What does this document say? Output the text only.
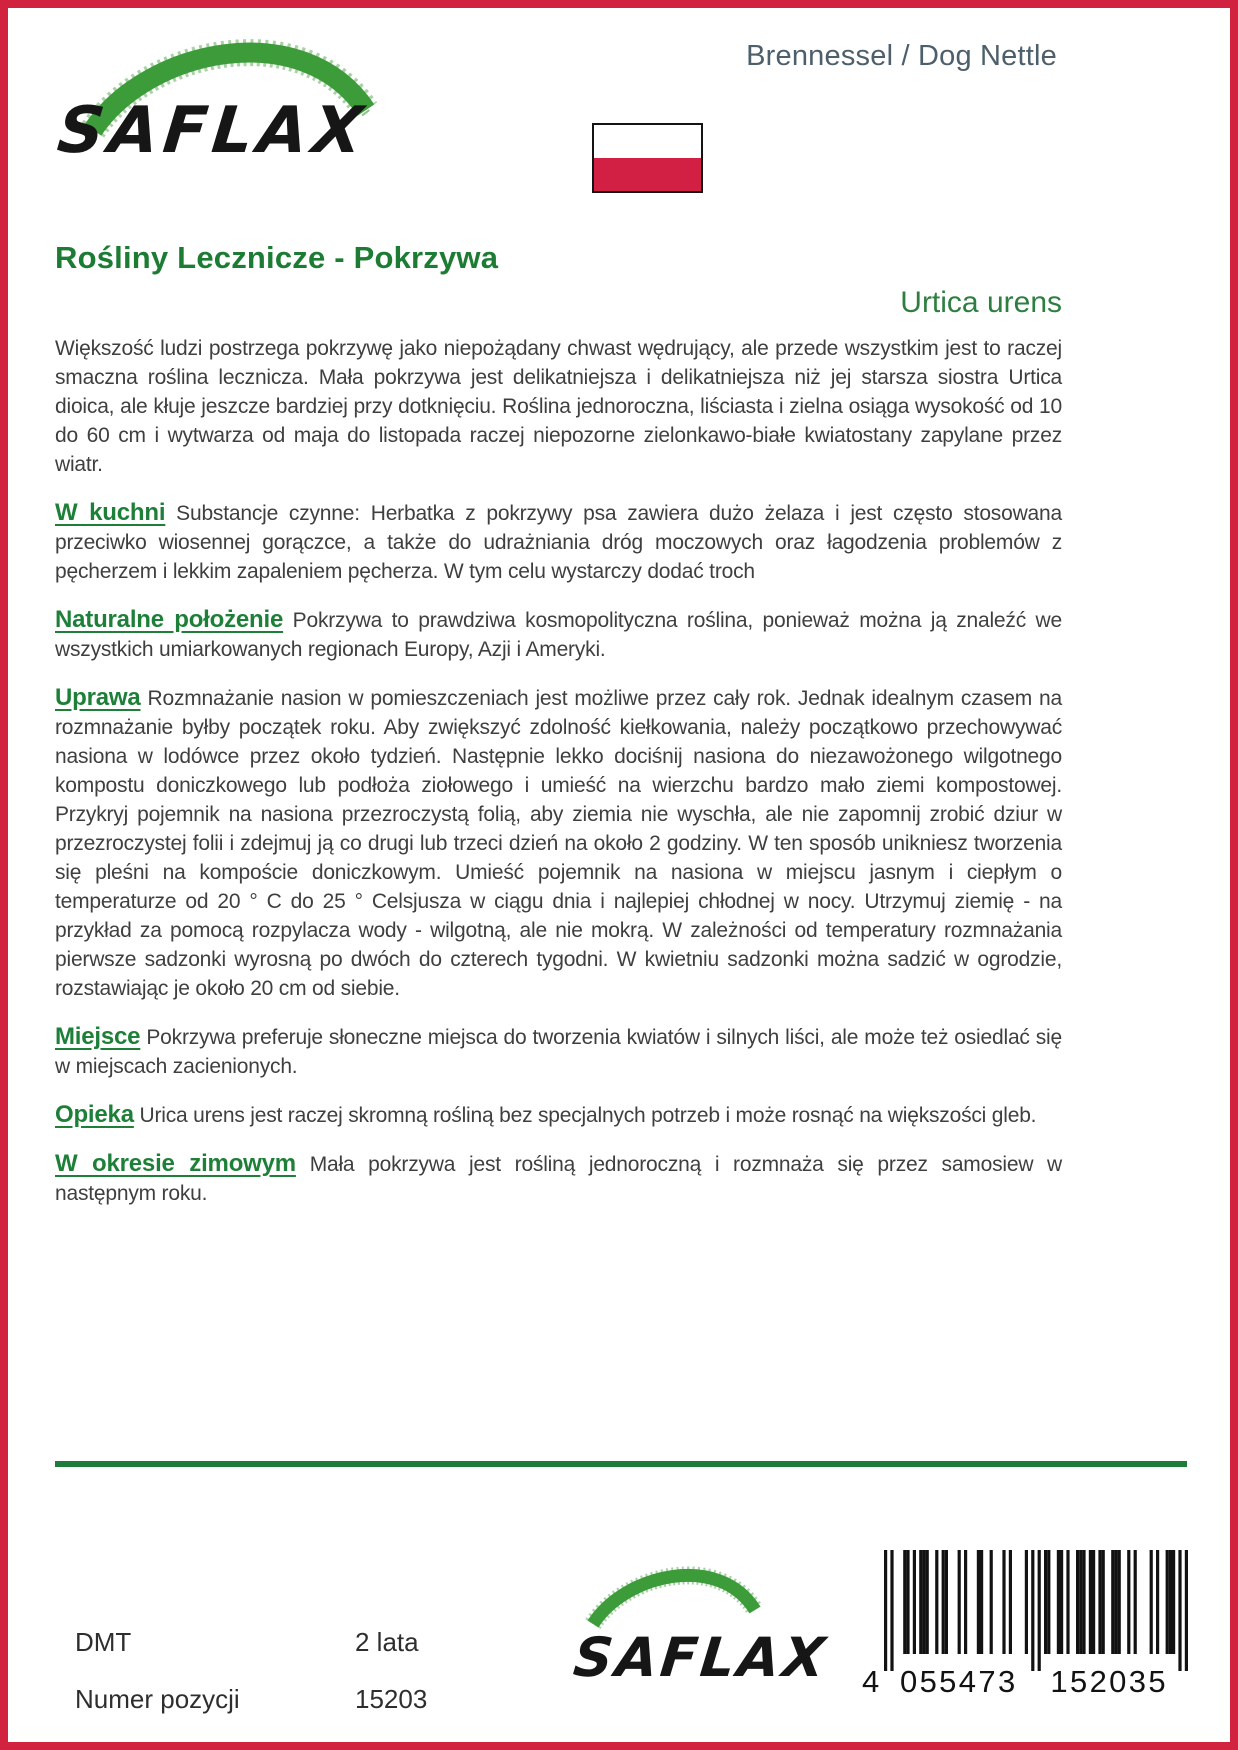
Brennessel / Dog Nettle
SAFLAX
Rośliny Lecznicze - Pokrzywa
Urtica urens

Większość ludzi postrzega pokrzywę jako niepożądany chwast wędrujący, ale przede wszystkim jest to raczej smaczna roślina lecznicza. Mała pokrzywa jest delikatniejsza i delikatniejsza niż jej starsza siostra Urtica dioica, ale kłuje jeszcze bardziej przy dotknięciu. Roślina jednoroczna, liściasta i zielna osiąga wysokość od 10 do 60 cm i wytwarza od maja do listopada raczej niepozorne zielonkawo-białe kwiatostany zapylane przez wiatr.

W kuchni Substancje czynne: Herbatka z pokrzywy psa zawiera dużo żelaza i jest często stosowana przeciwko wiosennej gorączce, a także do udrażniania dróg moczowych oraz łagodzenia problemów z pęcherzem i lekkim zapaleniem pęcherza. W tym celu wystarczy dodać troch

Naturalne położenie Pokrzywa to prawdziwa kosmopolityczna roślina, ponieważ można ją znaleźć we wszystkich umiarkowanych regionach Europy, Azji i Ameryki.

Uprawa Rozmnażanie nasion w pomieszczeniach jest możliwe przez cały rok. Jednak idealnym czasem na rozmnażanie byłby początek roku. Aby zwiększyć zdolność kiełkowania, należy początkowo przechowywać nasiona w lodówce przez około tydzień. Następnie lekko dociśnij nasiona do niezawożonego wilgotnego kompostu doniczkowego lub podłoża ziołowego i umieść na wierzchu bardzo mało ziemi kompostowej. Przykryj pojemnik na nasiona przezroczystą folią, aby ziemia nie wyschła, ale nie zapomnij zrobić dziur w przezroczystej folii i zdejmuj ją co drugi lub trzeci dzień na około 2 godziny. W ten sposób unikniesz tworzenia się pleśni na kompoście doniczkowym. Umieść pojemnik na nasiona w miejscu jasnym i ciepłym o temperaturze od 20 ° C do 25 ° Celsjusza w ciągu dnia i najlepiej chłodnej w nocy. Utrzymuj ziemię - na przykład za pomocą rozpylacza wody - wilgotną, ale nie mokrą. W zależności od temperatury rozmnażania pierwsze sadzonki wyrosną po dwóch do czterech tygodni. W kwietniu sadzonki można sadzić w ogrodzie, rozstawiając je około 20 cm od siebie.

Miejsce Pokrzywa preferuje słoneczne miejsca do tworzenia kwiatów i silnych liści, ale może też osiedlać się w miejscach zacienionych.

Opieka Urica urens jest raczej skromną rośliną bez specjalnych potrzeb i może rosnąć na większości gleb.

W okresie zimowym Mała pokrzywa jest rośliną jednoroczną i rozmnaża się przez samosiew w następnym roku.

DMT	2 lata
Numer pozycji	15203
SAFLAX	4 055473 152035
